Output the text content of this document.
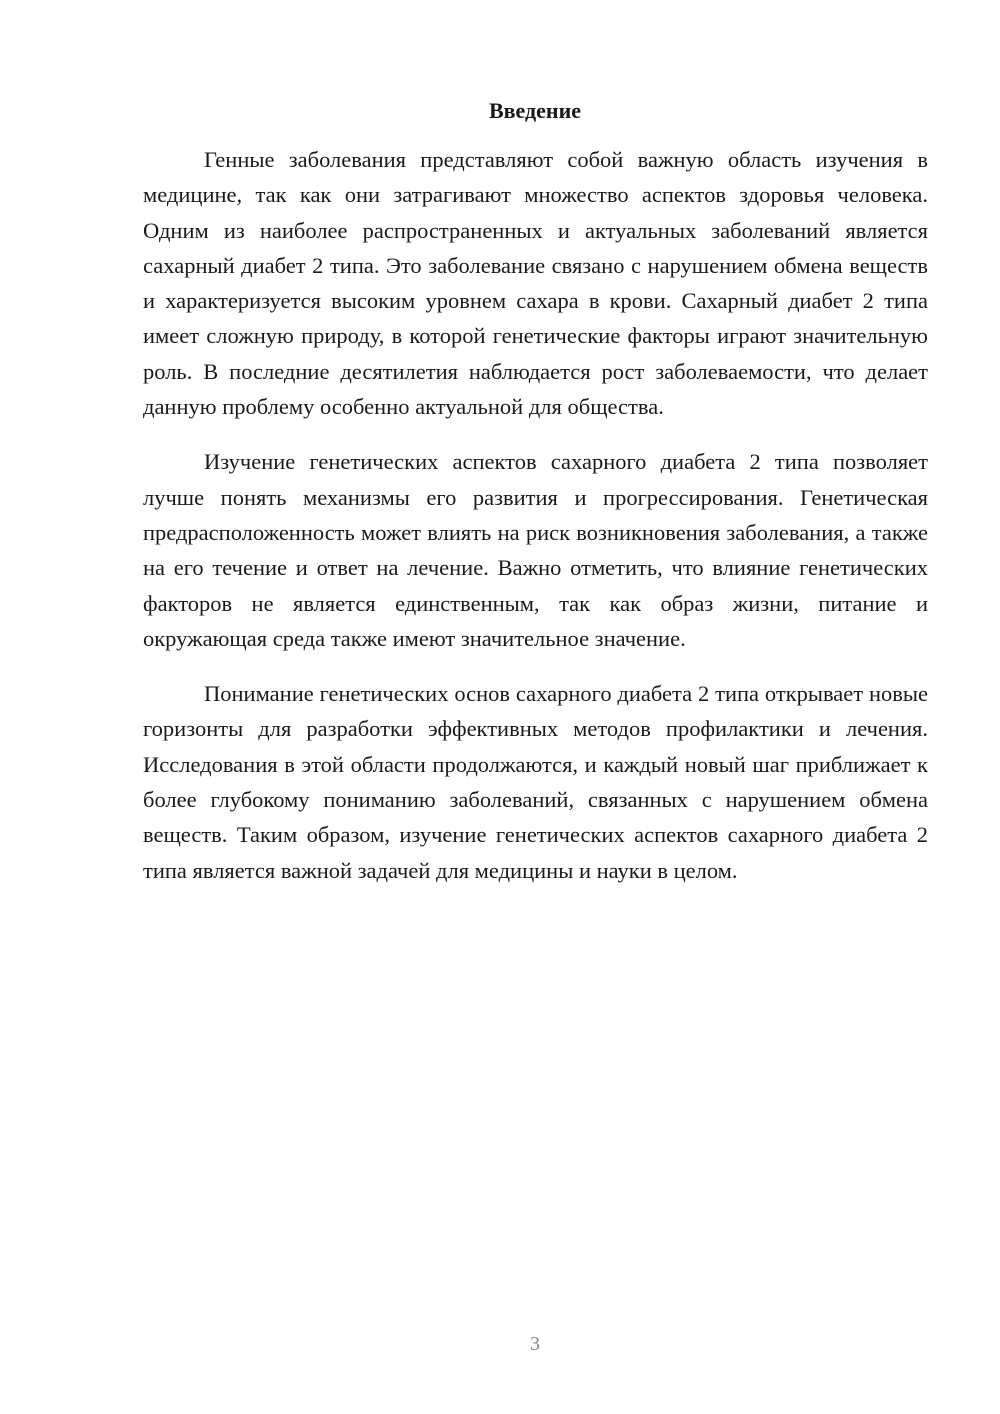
Введение

Генные заболевания представляют собой важную область изучения в медицине, так как они затрагивают множество аспектов здоровья человека. Одним из наиболее распространенных и актуальных заболеваний является сахарный диабет 2 типа. Это заболевание связано с нарушением обмена веществ и характеризуется высоким уровнем сахара в крови. Сахарный диабет 2 типа имеет сложную природу, в которой генетические факторы играют значительную роль. В последние десятилетия наблюдается рост заболеваемости, что делает данную проблему особенно актуальной для общества.

Изучение генетических аспектов сахарного диабета 2 типа позволяет лучше понять механизмы его развития и прогрессирования. Генетическая предрасположенность может влиять на риск возникновения заболевания, а также на его течение и ответ на лечение. Важно отметить, что влияние генетических факторов не является единственным, так как образ жизни, питание и окружающая среда также имеют значительное значение.

Понимание генетических основ сахарного диабета 2 типа открывает новые горизонты для разработки эффективных методов профилактики и лечения. Исследования в этой области продолжаются, и каждый новый шаг приближает к более глубокому пониманию заболеваний, связанных с нарушением обмена веществ. Таким образом, изучение генетических аспектов сахарного диабета 2 типа является важной задачей для медицины и науки в целом.

3
